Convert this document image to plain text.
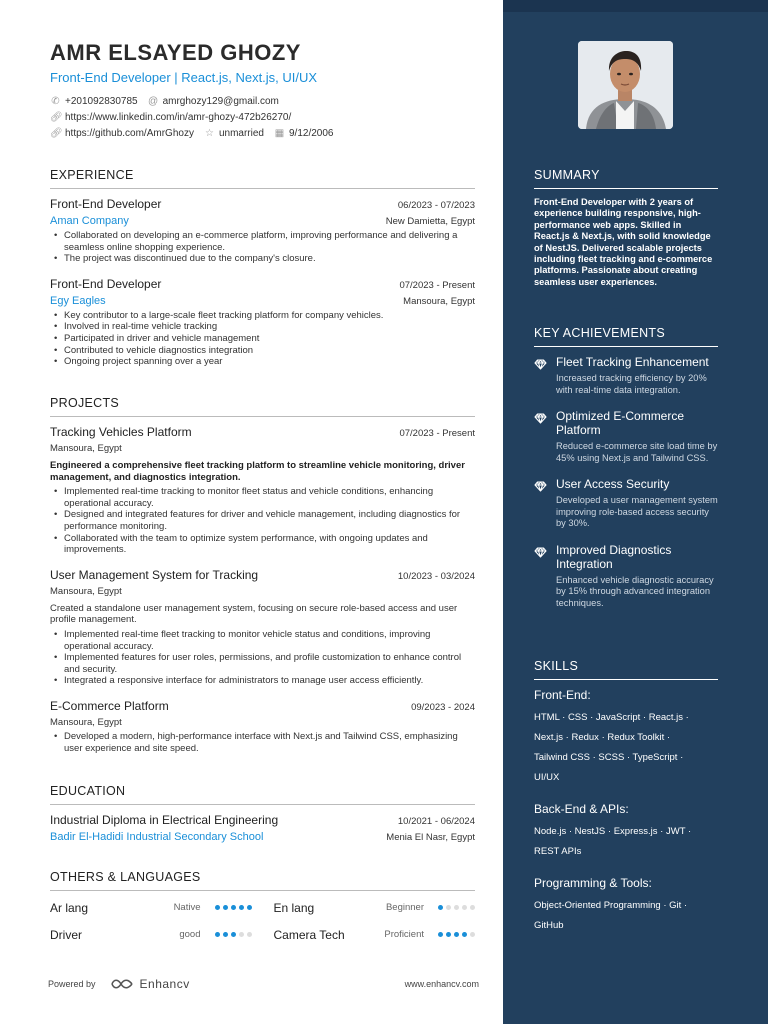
AMR ELSAYED GHOZY
Front-End Developer | React.js, Next.js, UI/UX
✆ +201092830785 @ amrghozy129@gmail.com
🔗︎ https://www.linkedin.com/in/amr-ghozy-472b26270/
🔗︎ https://github.com/AmrGhozy ☆ unmarried ▦ 9/12/2006
EXPERIENCE
Front-End Developer	06/2023 - 07/2023
Aman Company	New Damietta, Egypt
• Collaborated on developing an e-commerce platform, improving performance and delivering a seamless online shopping experience.
• The project was discontinued due to the company's closure.
Front-End Developer	07/2023 - Present
Egy Eagles	Mansoura, Egypt
• Key contributor to a large-scale fleet tracking platform for company vehicles.
• Involved in real-time vehicle tracking
• Participated in driver and vehicle management
• Contributed to vehicle diagnostics integration
• Ongoing project spanning over a year
PROJECTS
Tracking Vehicles Platform	07/2023 - Present
Mansoura, Egypt
Engineered a comprehensive fleet tracking platform to streamline vehicle monitoring, driver management, and diagnostics integration.
• Implemented real-time tracking to monitor fleet status and vehicle conditions, enhancing operational accuracy.
• Designed and integrated features for driver and vehicle management, including diagnostics for performance monitoring.
• Collaborated with the team to optimize system performance, with ongoing updates and improvements.
User Management System for Tracking	10/2023 - 03/2024
Mansoura, Egypt
Created a standalone user management system, focusing on secure role-based access and user profile management.
• Implemented real-time fleet tracking to monitor vehicle status and conditions, improving operational accuracy.
• Implemented features for user roles, permissions, and profile customization to enhance control and security.
• Integrated a responsive interface for administrators to manage user access efficiently.
E-Commerce Platform	09/2023 - 2024
Mansoura, Egypt
• Developed a modern, high-performance interface with Next.js and Tailwind CSS, emphasizing user experience and site speed.
EDUCATION
Industrial Diploma in Electrical Engineering	10/2021 - 06/2024
Badir El-Hadidi Industrial Secondary School	Menia El Nasr, Egypt
OTHERS & LANGUAGES
Ar lang	Native	En lang	Beginner
Driver	good	Camera Tech	Proficient
Powered by	Enhancv	www.enhancv.com
SUMMARY
Front-End Developer with 2 years of experience building responsive, high-performance web apps. Skilled in React.js & Next.js, with solid knowledge of NestJS. Delivered scalable projects including fleet tracking and e-commerce platforms. Passionate about creating seamless user experiences.
KEY ACHIEVEMENTS
Fleet Tracking Enhancement
Increased tracking efficiency by 20% with real-time data integration.
Optimized E-Commerce Platform
Reduced e-commerce site load time by 45% using Next.js and Tailwind CSS.
User Access Security
Developed a user management system improving role-based access security by 30%.
Improved Diagnostics Integration
Enhanced vehicle diagnostic accuracy by 15% through advanced integration techniques.
SKILLS
Front-End:
HTML · CSS · JavaScript · React.js ·
Next.js · Redux · Redux Toolkit ·
Tailwind CSS · SCSS · TypeScript ·
UI/UX
Back-End & APIs:
Node.js · NestJS · Express.js · JWT ·
REST APIs
Programming & Tools:
Object-Oriented Programming · Git ·
GitHub
